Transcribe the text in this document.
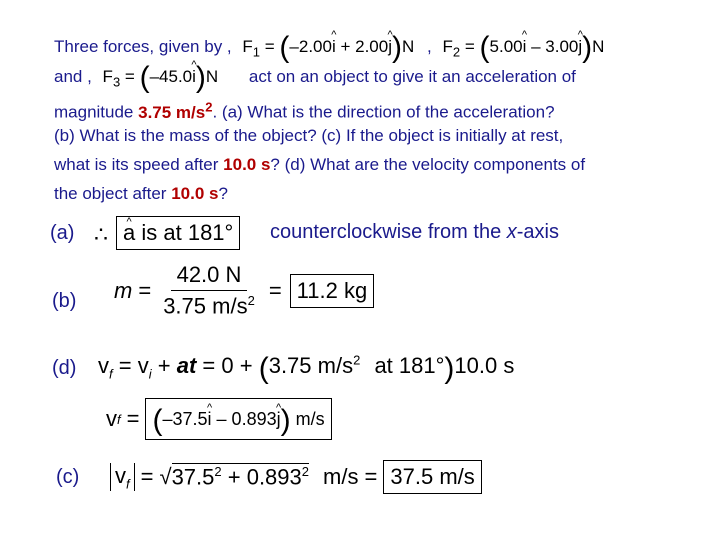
Three forces, given by , $F_1$ = (–2.00^ i + 2.00^ j)N , $F_2$ = (5.00^ i – 3.00^ j)N
and , $F_3$ = (–45.0^ i)N act on an object to give it an acceleration of
magnitude 3.75 $m/s^2$. (a) What is the direction of the acceleration?
(b) What is the mass of the object? (c) If the object is initially at rest,
what is its speed after 10.0 s? (d) What are the velocity components of
the object after 10.0 s?
(a) ∴
^ a is at 181°	counterclockwise from the x-axis
(b) $m = \frac{42.0 N}{3.75 m/s^2} = 11.2$ kg
(d) $v_f = v_i$ + at = 0 + (3.75 $m/s^2$ at 181°)10.0 s
v f = (–37.5^ i – 0.893^ j) m/s
(c) $v_f$ = √ $37.5^2 + 0.893^2$ m/s = 37.5 m/s
